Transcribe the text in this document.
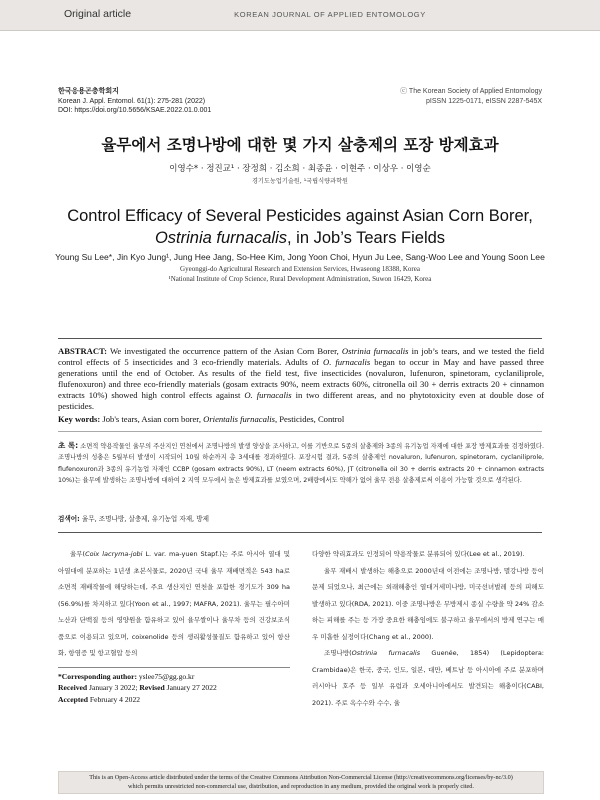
Original article	KOREAN JOURNAL OF APPLIED ENTOMOLOGY
한국응용곤충학회지
Korean J. Appl. Entomol. 61(1): 275-281 (2022)
DOI: https://doi.org/10.5656/KSAE.2022.01.0.001
ⓒ The Korean Society of Applied Entomology
pISSN 1225-0171, eISSN 2287-545X
율무에서 조명나방에 대한 몇 가지 살충제의 포장 방제효과
이영수* · 정진교¹ · 장정희 · 김소희 · 최종윤 · 이현주 · 이상우 · 이영순
경기도농업기술원, ¹국립식량과학원
Control Efficacy of Several Pesticides against Asian Corn Borer,
Ostrinia furnacalis, in Job’s Tears Fields
Young Su Lee*, Jin Kyo Jung¹, Jung Hee Jang, So-Hee Kim, Jong Yoon Choi, Hyun Ju Lee, Sang-Woo Lee and Young Soon Lee
Gyeonggi-do Agricultural Research and Extension Services, Hwaseong 18388, Korea
¹National Institute of Crop Science, Rural Development Administration, Suwon 16429, Korea
ABSTRACT: We investigated the occurrence pattern of the Asian Corn Borer, Ostrinia furnacalis in job’s tears, and we tested the field control effects of 5 insecticides and 3 eco-friendly materials. Adults of O. furnacalis began to occur in May and have passed three generations until the end of October. As results of the field test, five insecticides (novaluron, lufenuron, spinetoram, cyclaniliprole, flufenoxuron) and three eco-friendly materials (gosam extracts 90%, neem extracts 60%, citronella oil 30 + derris extracts 20 + cinnamon extracts 10%) showed high control effects against O. furnacalis in two different areas, and no phytotoxicity even at double dose of pesticides.
Key words: Job's tears, Asian corn borer, Orientalis furnacalis, Pesticides, Control
초 록: 소면적 약용작물인 율무의 주산지인 연천에서 조명나방의 발생 양상을 조사하고, 이를 기반으로 5종의 살충제와 3종의 유기농업 자재에 대한 포장 방제효과를 검정하였다. 조명나방의 성충은 5월부터 발생이 시작되어 10월 하순까지 총 3세대를 경과하였다. 포장시험 결과, 5종의 살충제인 novaluron, lufenuron, spinetoram, cyclaniliprole, flufenoxuron과 3종의 유기농업 자재인 CCBP (gosam extracts 90%), LT (neem extracts 60%), JT (citronella oil 30 + derris extracts 20 + cinnamon extracts 10%)는 율무에 발생하는 조명나방에 대하여 2 지역 모두에서 높은 방제효과를 보였으며, 2배량에서도 약해가 없어 율무 전용 살충제로써 이용이 가능할 것으로 생각된다.
검색어: 율무, 조명나방, 살충제, 유기농업 자재, 방제

율무(Coix lacryma-jobi L. var. ma-yuen Stapf.)는 주로 아시아 열대 및 아열대에 분포하는 1년생 초본식물로, 2020년 국내 율무 재배면적은 543 ha로 소면적 재배작물에 해당하는데, 주요 생산지인 연천을 포함한 경기도가 309 ha (56.9%)를 차지하고 있다(Yoon et al., 1997; MAFRA, 2021). 율무는 필수아미노산과 단백질 등의 영양원을 함유하고 있어 율무쌀이나 율무차 등의 건강보조식품으로 이용되고 있으며, coixenolide 등의 생리활성물질도 함유하고 있어 항산화, 항염증 및 항고혈압 등의

다양한 약리효과도 인정되어 약용작물로 분류되어 있다(Lee et al., 2019).

율무 재배시 발생하는 해충으로 2000년대 이전에는 조명나방, 멸강나방 등이 문제 되었으나, 최근에는 외래해충인 열대거세미나방, 미국선녀벌레 등의 피해도 발생하고 있다(RDA, 2021). 이중 조명나방은 무방제시 종실 수량을 약 24% 감소하는 피해를 주는 등 가장 중요한 해충임에도 불구하고 율무에서의 방제 연구는 매우 미흡한 실정이다(Chang et al., 2000).

조명나방(Ostrinia furnacalis Guenée, 1854) (Lepidoptera: Crambidae)은 한국, 중국, 인도, 일본, 대만, 베트남 등 아시아에 주로 분포하며 러시아나 호주 등 일부 유럽과 오세아니아에서도 발견되는 해충이다(CABI, 2021). 주로 옥수수와 수수, 율

*Corresponding author: yslee75@gg.go.kr
Received January 3 2022; Revised January 27 2022
Accepted February 4 2022
This is an Open-Access article distributed under the terms of the Creative Commons Attribution Non-Commercial License (http://creativecommons.org/licenses/by-nc/3.0)
which permits unrestricted non-commercial use, distribution, and reproduction in any medium, provided the original work is properly cited.
